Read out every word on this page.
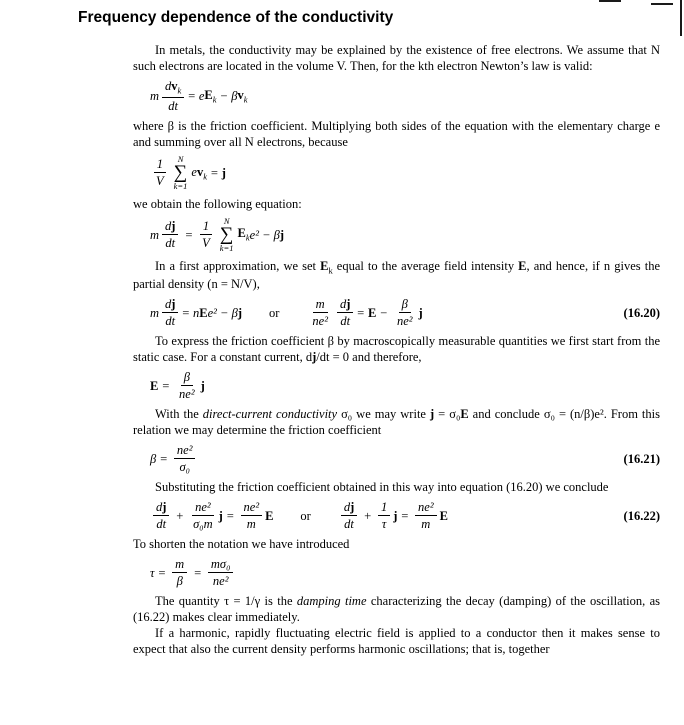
Frequency dependence of the conductivity

In metals, the conductivity may be explained by the existence of free electrons. We assume that N such electrons are located in the volume V. Then, for the kth electron Newton’s law is valid:

m $\frac{dv_k}{dt} = e$ $E_k - \beta$ $v_k$

where β is the friction coefficient. Multiplying both sides of the equation with the elementary charge e and summing over all N electrons, because

$\frac{1}{V}$ N
∑
k=1
$ev_k = j$

we obtain the following equation:

m $\frac{dj}{dt} = \frac{1}{V}$ N
∑
k=1
$E_k$ e² − β j

In a first approximation, we set $E_k$ equal to the average field intensity E, and hence, if n gives the partial density (n = N/V),

m $\frac{dj}{dt} = n$ E e² − β j or $\frac{m}{\text{ne²}} \frac{dj}{dt} = E - \frac{\beta}{\text{ne²}}$ j	(16.20)

To express the friction coefficient β by macroscopically measurable quantities we first start from the static case. For a constant current, dj/dt = 0 and therefore,

$E = \frac{\beta}{\text{ne²}}$ j

With the direct-current conductivity σ₀ we may write j = σ₀E and conclude σ₀ = (n/β)e². From this relation we may determine the friction coefficient

$\beta = \frac{\text{ne²}}{\text{σ₀}}$	(16.21)

Substituting the friction coefficient obtained in this way into equation (16.20) we conclude

$\frac{dj}{dt} + \frac{\text{ne²}}{\text{σ₀m}}$ $j = \frac{\text{ne²}}{m}$ E or $\frac{dj}{dt} + \frac{1}{\tau}$ $j = \frac{\text{ne²}}{m}$ E	(16.22)

To shorten the notation we have introduced

$\tau = \frac{m}{\beta} = \frac{\text{mσ₀}}{\text{ne²}}$

The quantity τ = 1/γ is the damping time characterizing the decay (damping) of the oscillation, as (16.22) makes clear immediately.

If a harmonic, rapidly fluctuating electric field is applied to a conductor then it makes sense to expect that also the current density performs harmonic oscillations; that is, together
